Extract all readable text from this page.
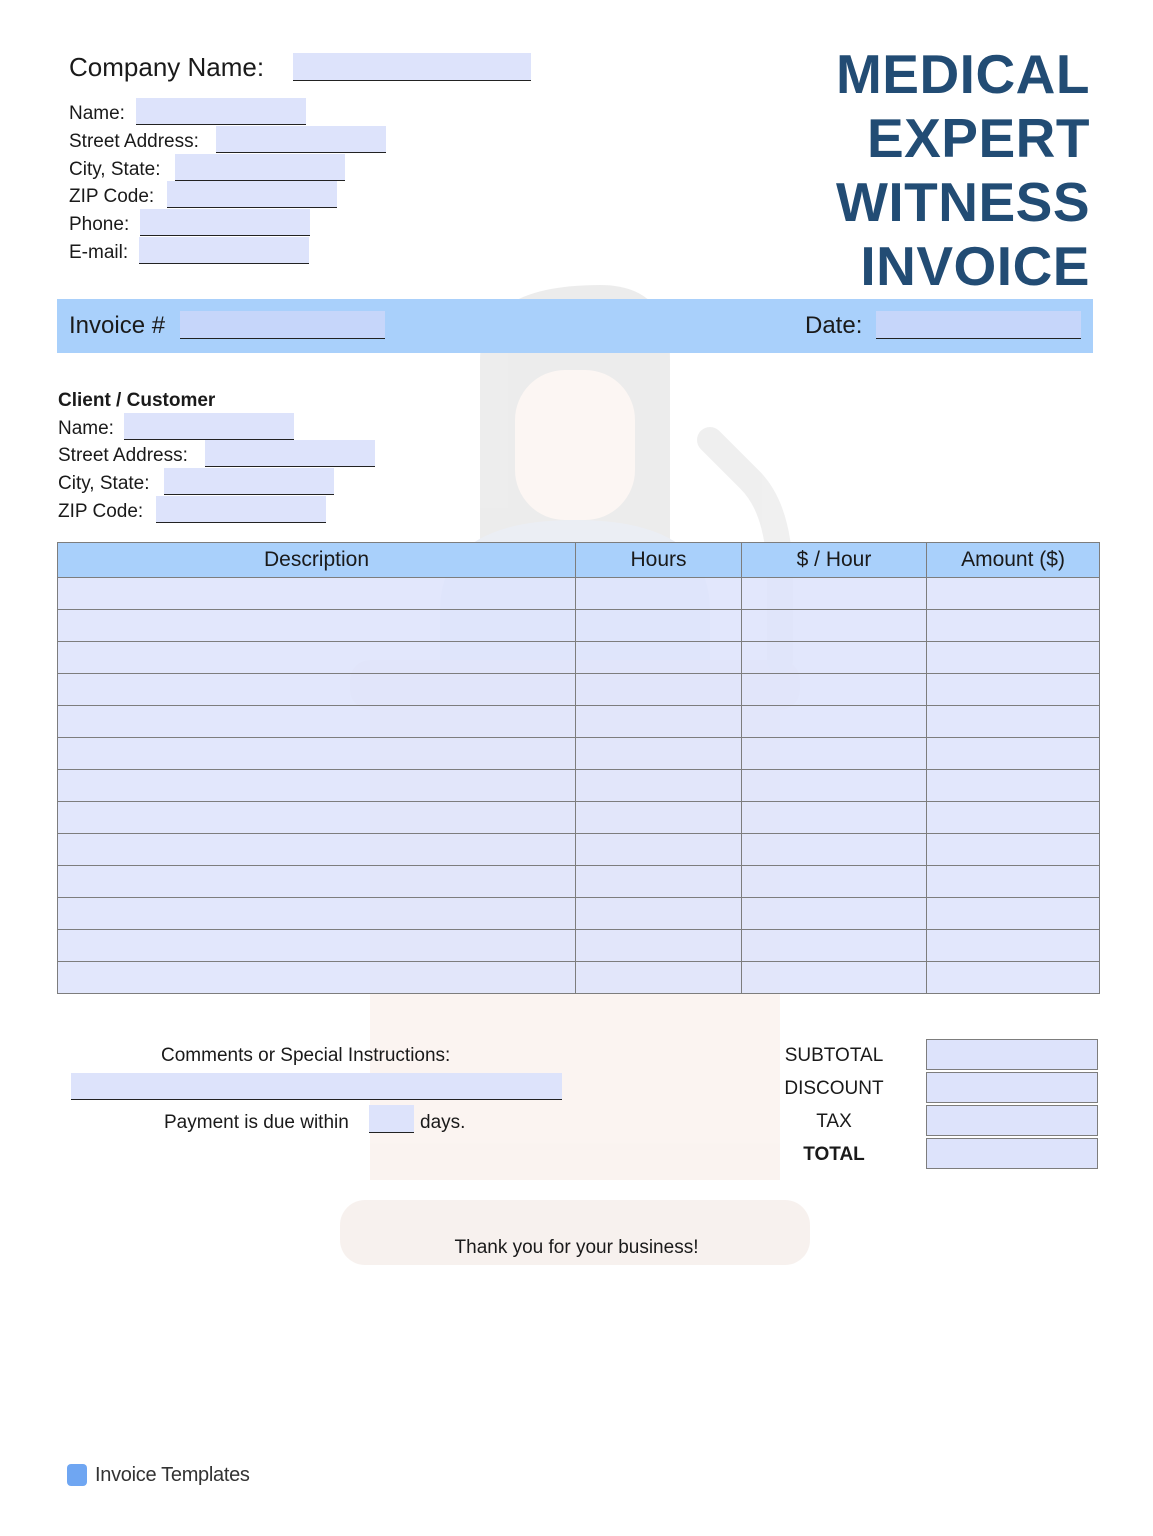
Company Name:
Name:
Street Address:
City, State:
ZIP Code:
Phone:
E-mail:
MEDICAL
EXPERT
WITNESS
INVOICE
Invoice #	Date:
Client / Customer
Name:
Street Address:
City, State:
ZIP Code:
Description	Hours	$ / Hour	Amount ($)

Comments or Special Instructions:
Payment is due within	days.
SUBTOTAL
DISCOUNT
TAX
TOTAL
Thank you for your business!
Invoice Templates
